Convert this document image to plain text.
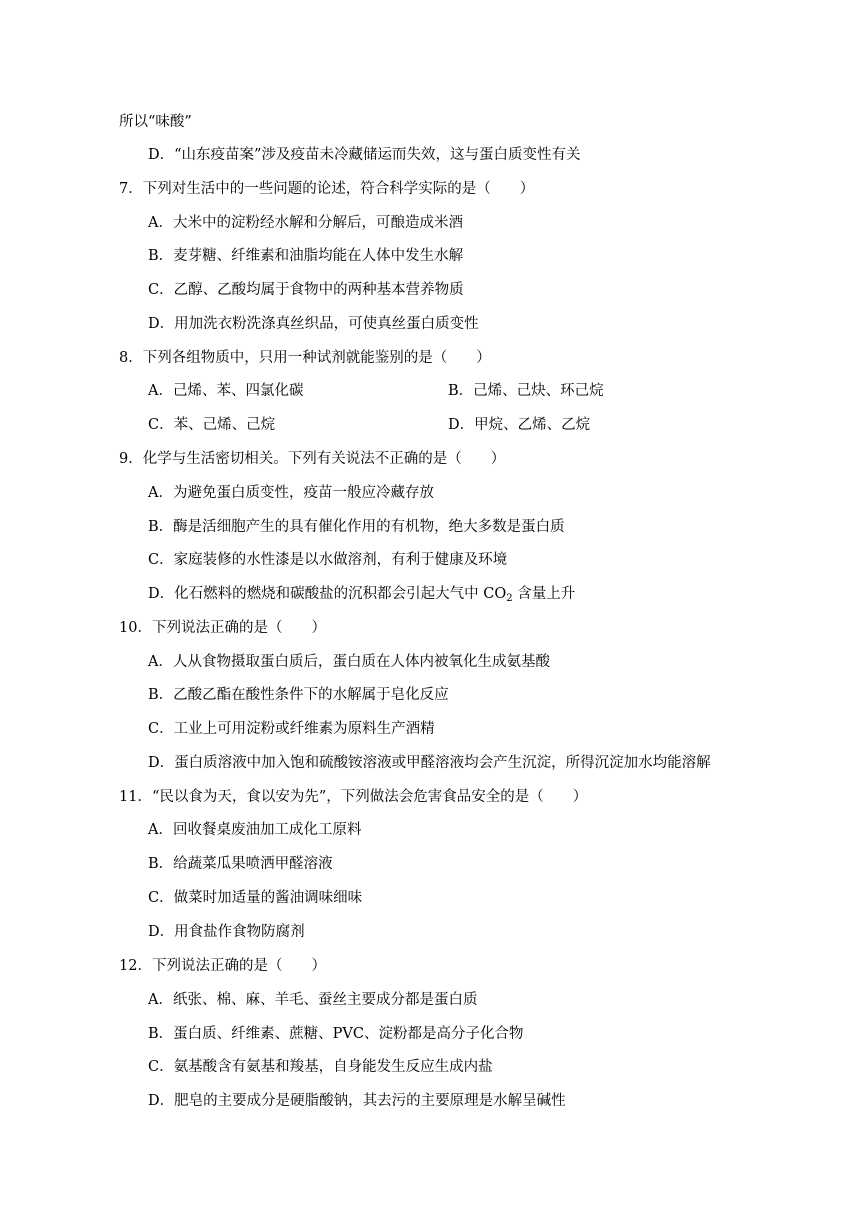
所以“味酸”
D．“山东疫苗案”涉及疫苗未冷藏储运而失效，这与蛋白质变性有关
7．下列对生活中的一些问题的论述，符合科学实际的是（　　）
A．大米中的淀粉经水解和分解后，可酿造成米酒
B．麦芽糖、纤维素和油脂均能在人体中发生水解
C．乙醇、乙酸均属于食物中的两种基本营养物质
D．用加洗衣粉洗涤真丝织品，可使真丝蛋白质变性
8．下列各组物质中，只用一种试剂就能鉴别的是（　　）
A．己烯、苯、四氯化碳	B．己烯、己炔、环己烷
C．苯、己烯、己烷	D．甲烷、乙烯、乙烷
9．化学与生活密切相关。下列有关说法不正确的是（　　）
A．为避免蛋白质变性，疫苗一般应冷藏存放
B．酶是活细胞产生的具有催化作用的有机物，绝大多数是蛋白质
C．家庭装修的水性漆是以水做溶剂，有利于健康及环境
D．化石燃料的燃烧和碳酸盐的沉积都会引起大气中 $CO_2$ 含量上升
10．下列说法正确的是（　　）
A．人从食物摄取蛋白质后，蛋白质在人体内被氧化生成氨基酸
B．乙酸乙酯在酸性条件下的水解属于皂化反应
C．工业上可用淀粉或纤维素为原料生产酒精
D．蛋白质溶液中加入饱和硫酸铵溶液或甲醛溶液均会产生沉淀，所得沉淀加水均能溶解
11．“民以食为天，食以安为先”，下列做法会危害食品安全的是（　　）
A．回收餐桌废油加工成化工原料
B．给蔬菜瓜果喷洒甲醛溶液
C．做菜时加适量的酱油调味细味
D．用食盐作食物防腐剂
12．下列说法正确的是（　　）
A．纸张、棉、麻、羊毛、蚕丝主要成分都是蛋白质
B．蛋白质、纤维素、蔗糖、PVC、淀粉都是高分子化合物
C．氨基酸含有氨基和羧基，自身能发生反应生成内盐
D．肥皂的主要成分是硬脂酸钠，其去污的主要原理是水解呈碱性
